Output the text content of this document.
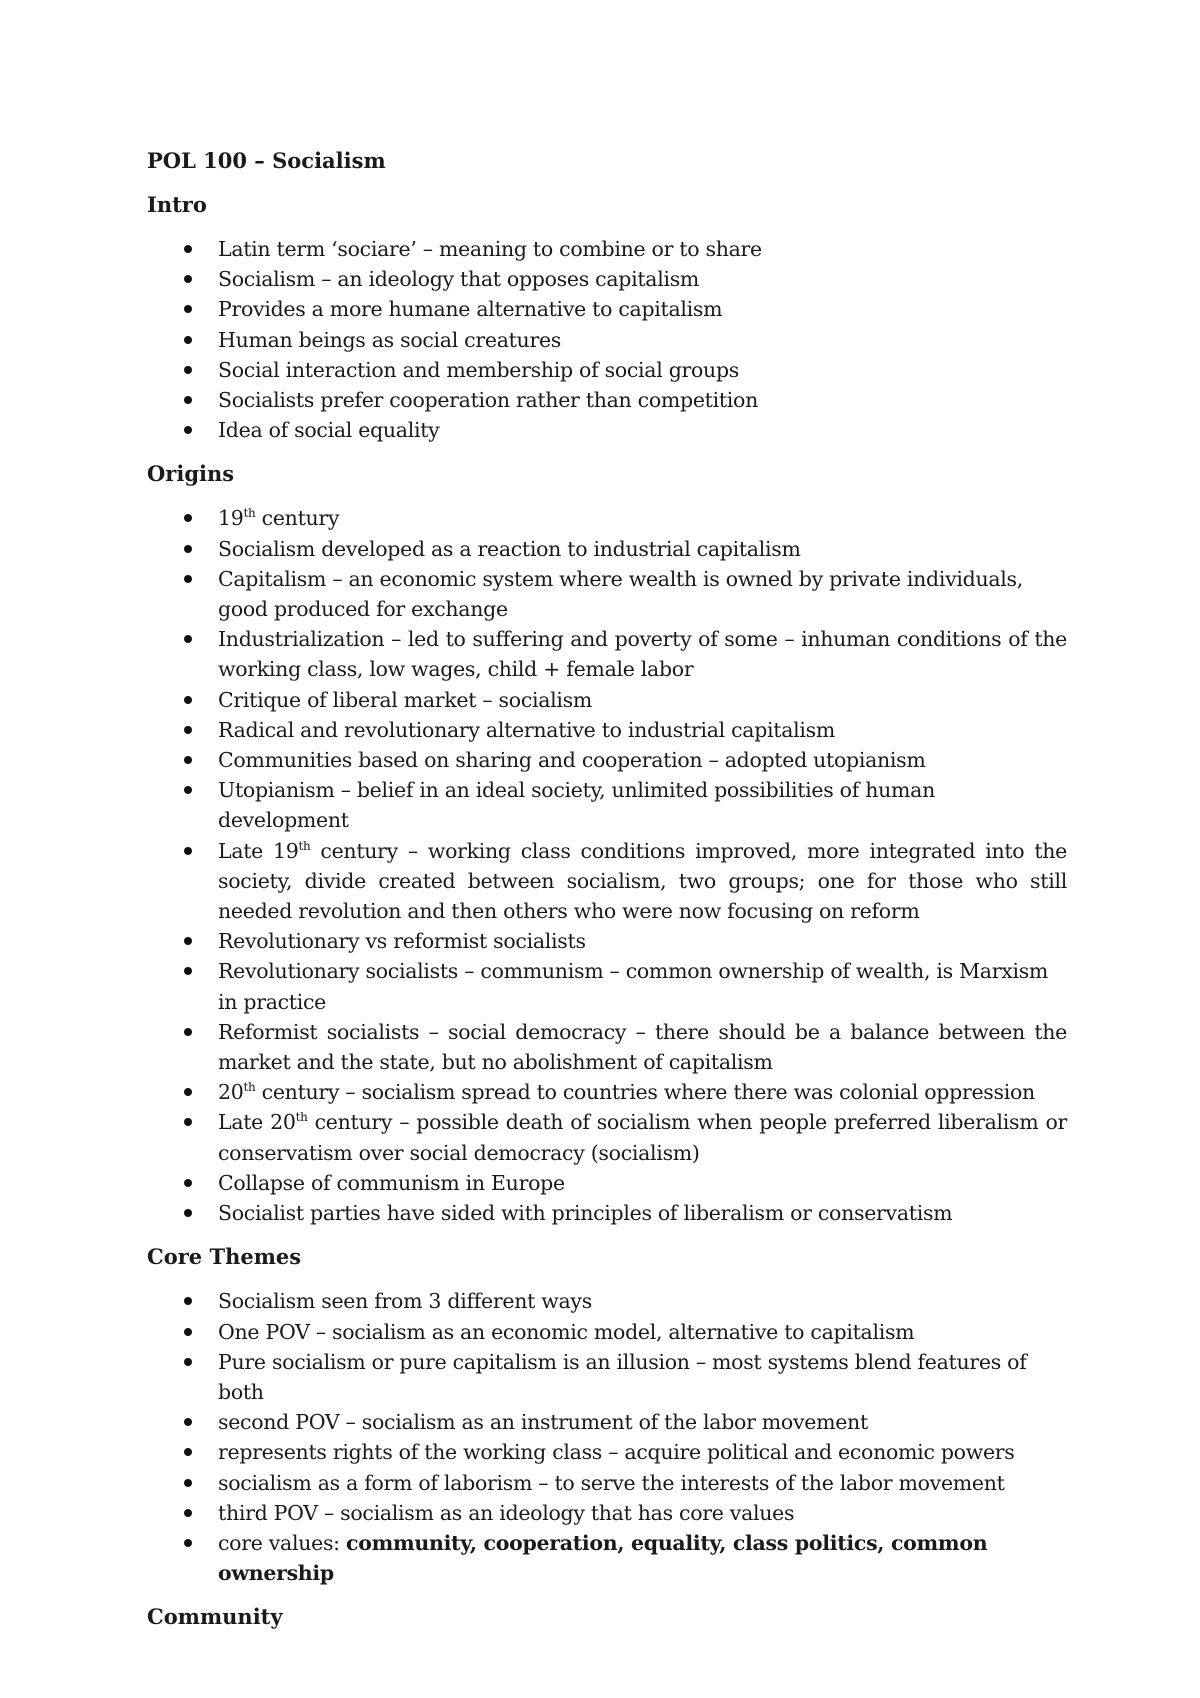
POL 100 – Socialism
Intro
Latin term ‘sociare’ – meaning to combine or to share
Socialism – an ideology that opposes capitalism
Provides a more humane alternative to capitalism
Human beings as social creatures
Social interaction and membership of social groups
Socialists prefer cooperation rather than competition
Idea of social equality
Origins
19th century
Socialism developed as a reaction to industrial capitalism
Capitalism – an economic system where wealth is owned by private individuals, good produced for exchange
Industrialization – led to suffering and poverty of some – inhuman conditions of the working class, low wages, child + female labor
Critique of liberal market – socialism
Radical and revolutionary alternative to industrial capitalism
Communities based on sharing and cooperation – adopted utopianism
Utopianism – belief in an ideal society, unlimited possibilities of human development
Late 19th century – working class conditions improved, more integrated into the society, divide created between socialism, two groups; one for those who still needed revolution and then others who were now focusing on reform
Revolutionary vs reformist socialists
Revolutionary socialists – communism – common ownership of wealth, is Marxism in practice
Reformist socialists – social democracy – there should be a balance between the market and the state, but no abolishment of capitalism
20th century – socialism spread to countries where there was colonial oppression
Late 20th century – possible death of socialism when people preferred liberalism or conservatism over social democracy (socialism)
Collapse of communism in Europe
Socialist parties have sided with principles of liberalism or conservatism
Core Themes
Socialism seen from 3 different ways
One POV – socialism as an economic model, alternative to capitalism
Pure socialism or pure capitalism is an illusion – most systems blend features of both
second POV – socialism as an instrument of the labor movement
represents rights of the working class – acquire political and economic powers
socialism as a form of laborism – to serve the interests of the labor movement
third POV – socialism as an ideology that has core values
core values: community, cooperation, equality, class politics, common ownership
Community
